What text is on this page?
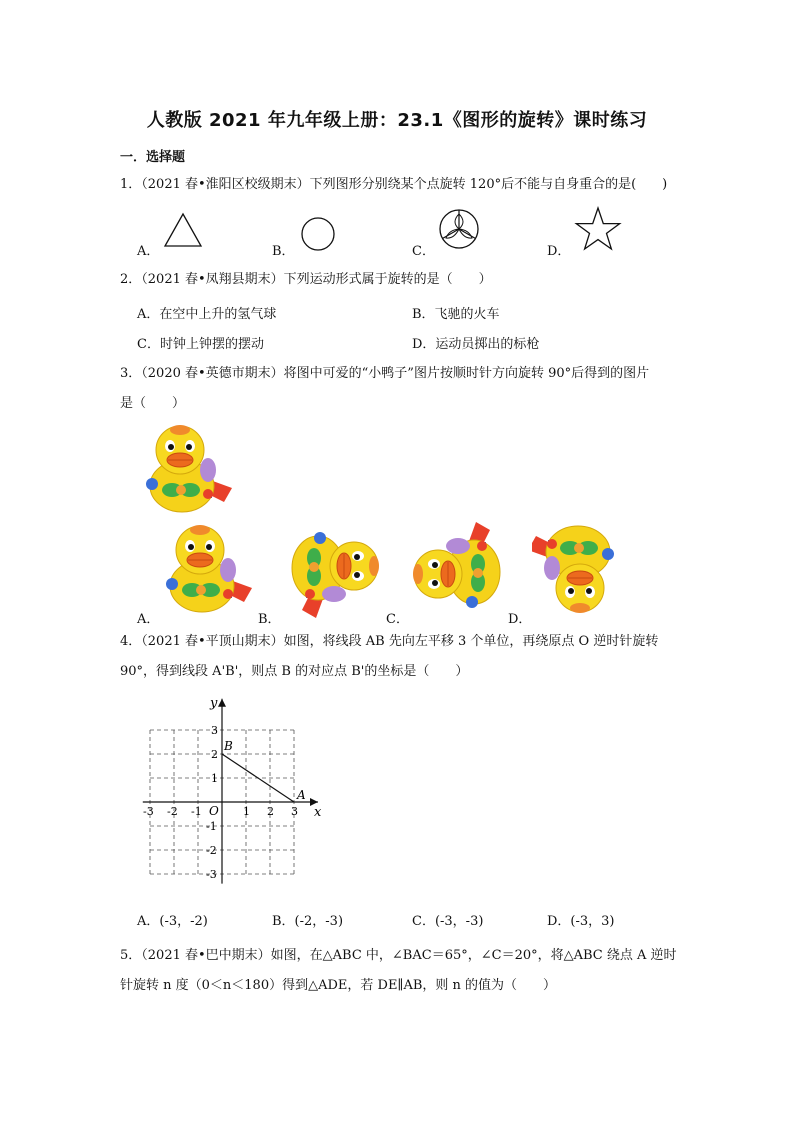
人教版 2021 年九年级上册：23.1《图形的旋转》课时练习
一．选择题
1．（2021 春•淮阳区校级期末）下列图形分别绕某个点旋转 120°后不能与自身重合的是(　　)
A．	B．	C．	D．
2．（2021 春•凤翔县期末）下列运动形式属于旋转的是（　　）
A．在空中上升的氢气球	B．飞驰的火车
C．时钟上钟摆的摆动	D．运动员掷出的标枪
3．（2020 春•英德市期末）将图中可爱的“小鸭子”图片按顺时针方向旋转 90°后得到的图片
是（　　）
A．	B．	C．	D．
4．（2021 春•平顶山期末）如图，将线段 AB 先向左平移 3 个单位，再绕原点 O 逆时针旋转
90°，得到线段 A'B'，则点 B 的对应点 B'的坐标是（　　）
x
y
O
A
B
-3 -2 -1	1 2 3
3
2
1
-1
-2
-3
A．(-3，-2)	B．(-2，-3)	C．(-3，-3)	D．(-3，3)
5．（2021 春•巴中期末）如图，在△ABC 中，∠BAC＝65°，∠C＝20°，将△ABC 绕点 A 逆时
针旋转 n 度（0＜n＜180）得到△ADE，若 DE∥AB，则 n 的值为（　　）
